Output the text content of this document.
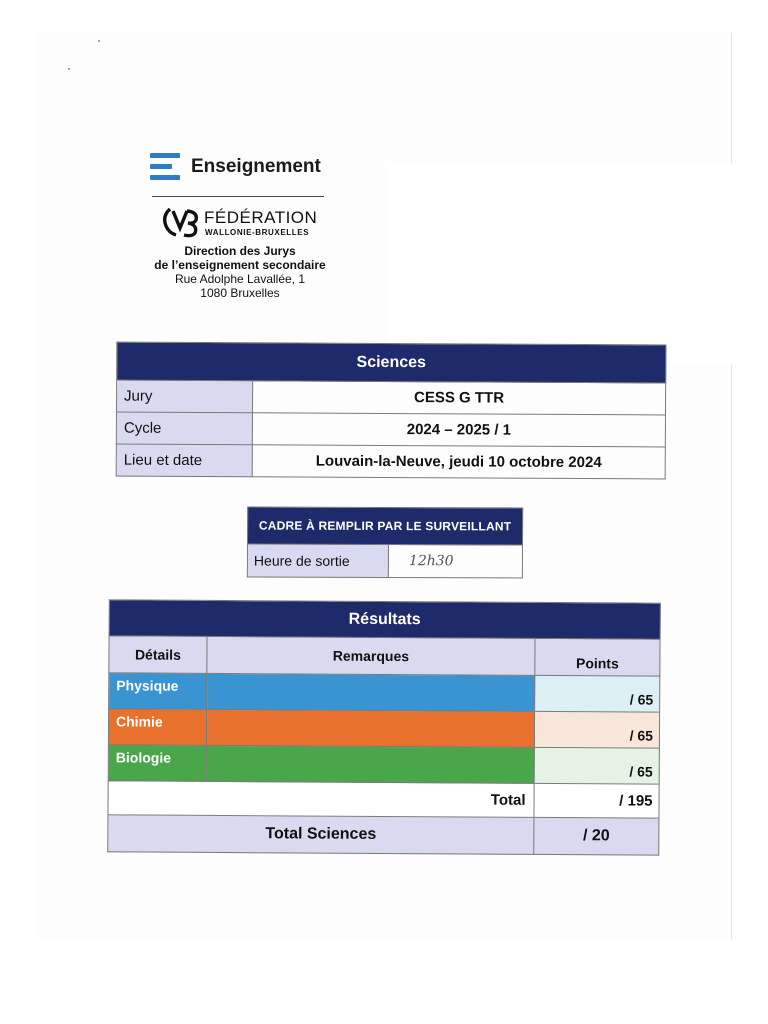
Enseignement
FÉDÉRATION
WALLONIE-BRUXELLES
Direction des Jurys
de l’enseignement secondaire
Rue Adolphe Lavallée, 1
1080 Bruxelles
Sciences	
Jury	CESS G TTR
Cycle	2024 – 2025 / 1
Lieu et date	Louvain-la-Neuve, jeudi 10 octobre 2024
CADRE À REMPLIR PAR LE SURVEILLANT
Heure de sortie	12h30
Résultats		
Détails	Remarques	Points
Physique		/ 65
Chimie		/ 65
Biologie		/ 65
Total		/ 195
Total Sciences		/ 20
